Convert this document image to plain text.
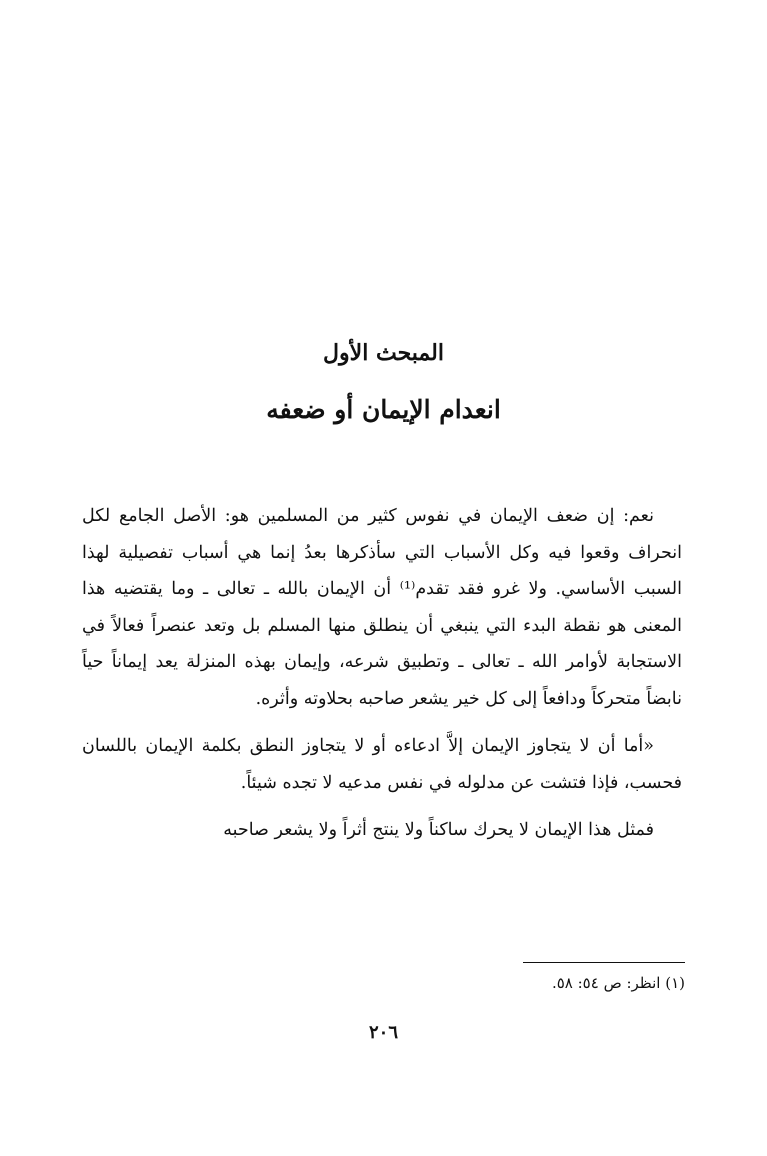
المبحث الأول
انعدام الإيمان أو ضعفه

نعم: إن ضعف الإيمان في نفوس كثير من المسلمين هو: الأصل الجامع لكل انحراف وقعوا فيه وكل الأسباب التي سأذكرها بعدُ إنما هي أسباب تفصيلية لهذا السبب الأساسي. ولا غرو فقد تقدم⁽¹⁾ أن الإيمان بالله ـ تعالى ـ وما يقتضيه هذا المعنى هو نقطة البدء التي ينبغي أن ينطلق منها المسلم بل وتعد عنصراً فعالاً في الاستجابة لأوامر الله ـ تعالى ـ وتطبيق شرعه، وإيمان بهذه المنزلة يعد إيماناً حياً نابضاً متحركاً ودافعاً إلى كل خير يشعر صاحبه بحلاوته وأثره.

«أما أن لا يتجاوز الإيمان إلاَّ ادعاءه أو لا يتجاوز النطق بكلمة الإيمان باللسان فحسب، فإذا فتشت عن مدلوله في نفس مدعيه لا تجده شيئاً.

فمثل هذا الإيمان لا يحرك ساكناً ولا ينتج أثراً ولا يشعر صاحبه

(١) انظر: ص ٥٤: ٥٨.
٢٠٦
